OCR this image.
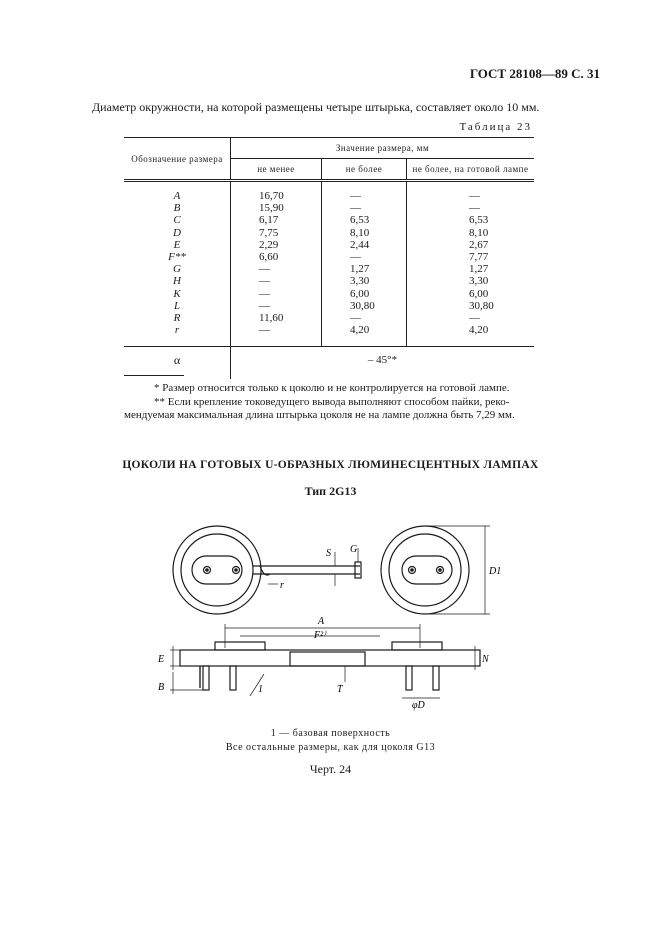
ГОСТ 28108—89 С. 31
Диаметр окружности, на которой размещены четыре штырька, составляет около 10 мм.
Таблица 23
Обозначение размера	Значение размера, мм		
	не менее	не более	не более, на готовой лампе

A	16,70	—	—
B	15,90	—	—
C	6,17	6,53	6,53
D	7,75	8,10	8,10
E	2,29	2,44	2,67
F**	6,60	—	7,77
G	—	1,27	1,27
H	—	3,30	3,30
K	—	6,00	6,00
L	—	30,80	30,80
R	11,60	—	—
r	—	4,20	4,20

α	– 45°*		

* Размер относится только к цоколю и не контролируется на готовой лампе.
** Если крепление токоведущего вывода выполняют способом пайки, реко-
мендуемая максимальная длина штырька цоколя не на лампе должна быть 7,29 мм.
ЦОКОЛИ НА ГОТОВЫХ U-ОБРАЗНЫХ ЛЮМИНЕСЦЕНТНЫХ ЛАМПАХ
Тип 2G13
S G
D1
r
A
F²⁾
E
B	T
N
φD
1
1 — базовая поверхность
Все остальные размеры, как для цоколя G13
Черт. 24
